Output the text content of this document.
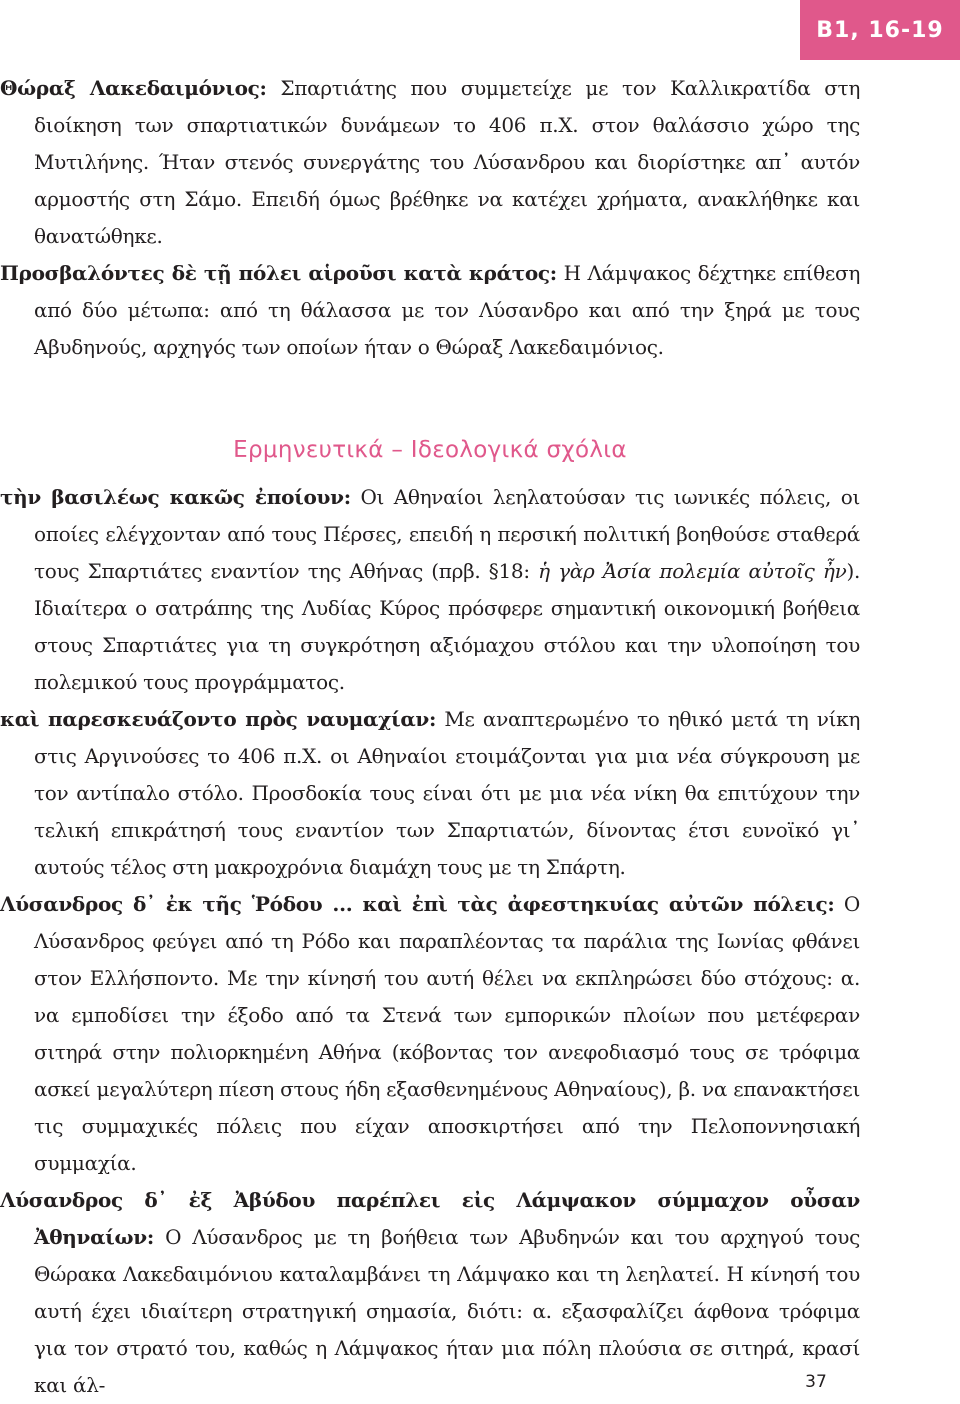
Β1, 16-19

Θώραξ Λακεδαιμόνιος: Σπαρτιάτης που συμμετείχε με τον Καλλικρατίδα στη διοίκηση των σπαρτιατικών δυνάμεων το 406 π.Χ. στον θαλάσσιο χώρο της Μυτιλήνης. Ήταν στενός συνεργάτης του Λύσανδρου και διορίστηκε απ᾽ αυτόν αρμοστής στη Σάμο. Επειδή όμως βρέθηκε να κατέχει χρήματα, ανακλήθηκε και θανατώθηκε.

Προσβαλόντες δὲ τῇ πόλει αἱροῦσι κατὰ κράτος: Η Λάμψακος δέχτηκε επίθεση από δύο μέτωπα: από τη θάλασσα με τον Λύσανδρο και από την ξηρά με τους Αβυδηνούς, αρχηγός των οποίων ήταν ο Θώραξ Λακεδαιμόνιος.

Ερμηνευτικά – Ιδεολογικά σχόλια

τὴν βασιλέως κακῶς ἐποίουν: Οι Αθηναίοι λεηλατούσαν τις ιωνικές πόλεις, οι οποίες ελέγχονταν από τους Πέρσες, επειδή η περσική πολιτική βοηθούσε σταθερά τους Σπαρτιάτες εναντίον της Αθήνας (πρβ. §18: ἡ γὰρ Ἀσία πολεμία αὐτοῖς ἦν). Ιδιαίτερα ο σατράπης της Λυδίας Κύρος πρόσφερε σημαντική οικονομική βοήθεια στους Σπαρτιάτες για τη συγκρότηση αξιόμαχου στόλου και την υλοποίηση του πολεμικού τους προγράμματος.

καὶ παρεσκευάζοντο πρὸς ναυμαχίαν: Με αναπτερωμένο το ηθικό μετά τη νίκη στις Αργινούσες το 406 π.Χ. οι Αθηναίοι ετοιμάζονται για μια νέα σύγκρουση με τον αντίπαλο στόλο. Προσδοκία τους είναι ότι με μια νέα νίκη θα επιτύχουν την τελική επικράτησή τους εναντίον των Σπαρτιατών, δίνοντας έτσι ευνοϊκό γι᾽ αυτούς τέλος στη μακροχρόνια διαμάχη τους με τη Σπάρτη.

Λύσανδρος δ᾽ ἐκ τῆς Ῥόδου ... καὶ ἐπὶ τὰς ἀφεστηκυίας αὐτῶν πόλεις: Ο Λύσανδρος φεύγει από τη Ρόδο και παραπλέοντας τα παράλια της Ιωνίας φθάνει στον Ελλήσποντο. Με την κίνησή του αυτή θέλει να εκπληρώσει δύο στόχους: α. να εμποδίσει την έξοδο από τα Στενά των εμπορικών πλοίων που μετέφεραν σιτηρά στην πολιορκημένη Αθήνα (κόβοντας τον ανεφοδιασμό τους σε τρόφιμα ασκεί μεγαλύτερη πίεση στους ήδη εξασθενημένους Αθηναίους), β. να επανακτήσει τις συμμαχικές πόλεις που είχαν αποσκιρτήσει από την Πελοποννησιακή συμμαχία.

Λύσανδρος δ᾽ ἐξ Ἀβύδου παρέπλει εἰς Λάμψακον σύμμαχον οὖσαν Ἀθηναίων: Ο Λύσανδρος με τη βοήθεια των Αβυδηνών και του αρχηγού τους Θώρακα Λακεδαιμόνιου καταλαμβάνει τη Λάμψακο και τη λεηλατεί. Η κίνησή του αυτή έχει ιδιαίτερη στρατηγική σημασία, διότι: α. εξασφαλίζει άφθονα τρόφιμα για τον στρατό του, καθώς η Λάμψακος ήταν μια πόλη πλούσια σε σιτηρά, κρασί και άλ-	37
